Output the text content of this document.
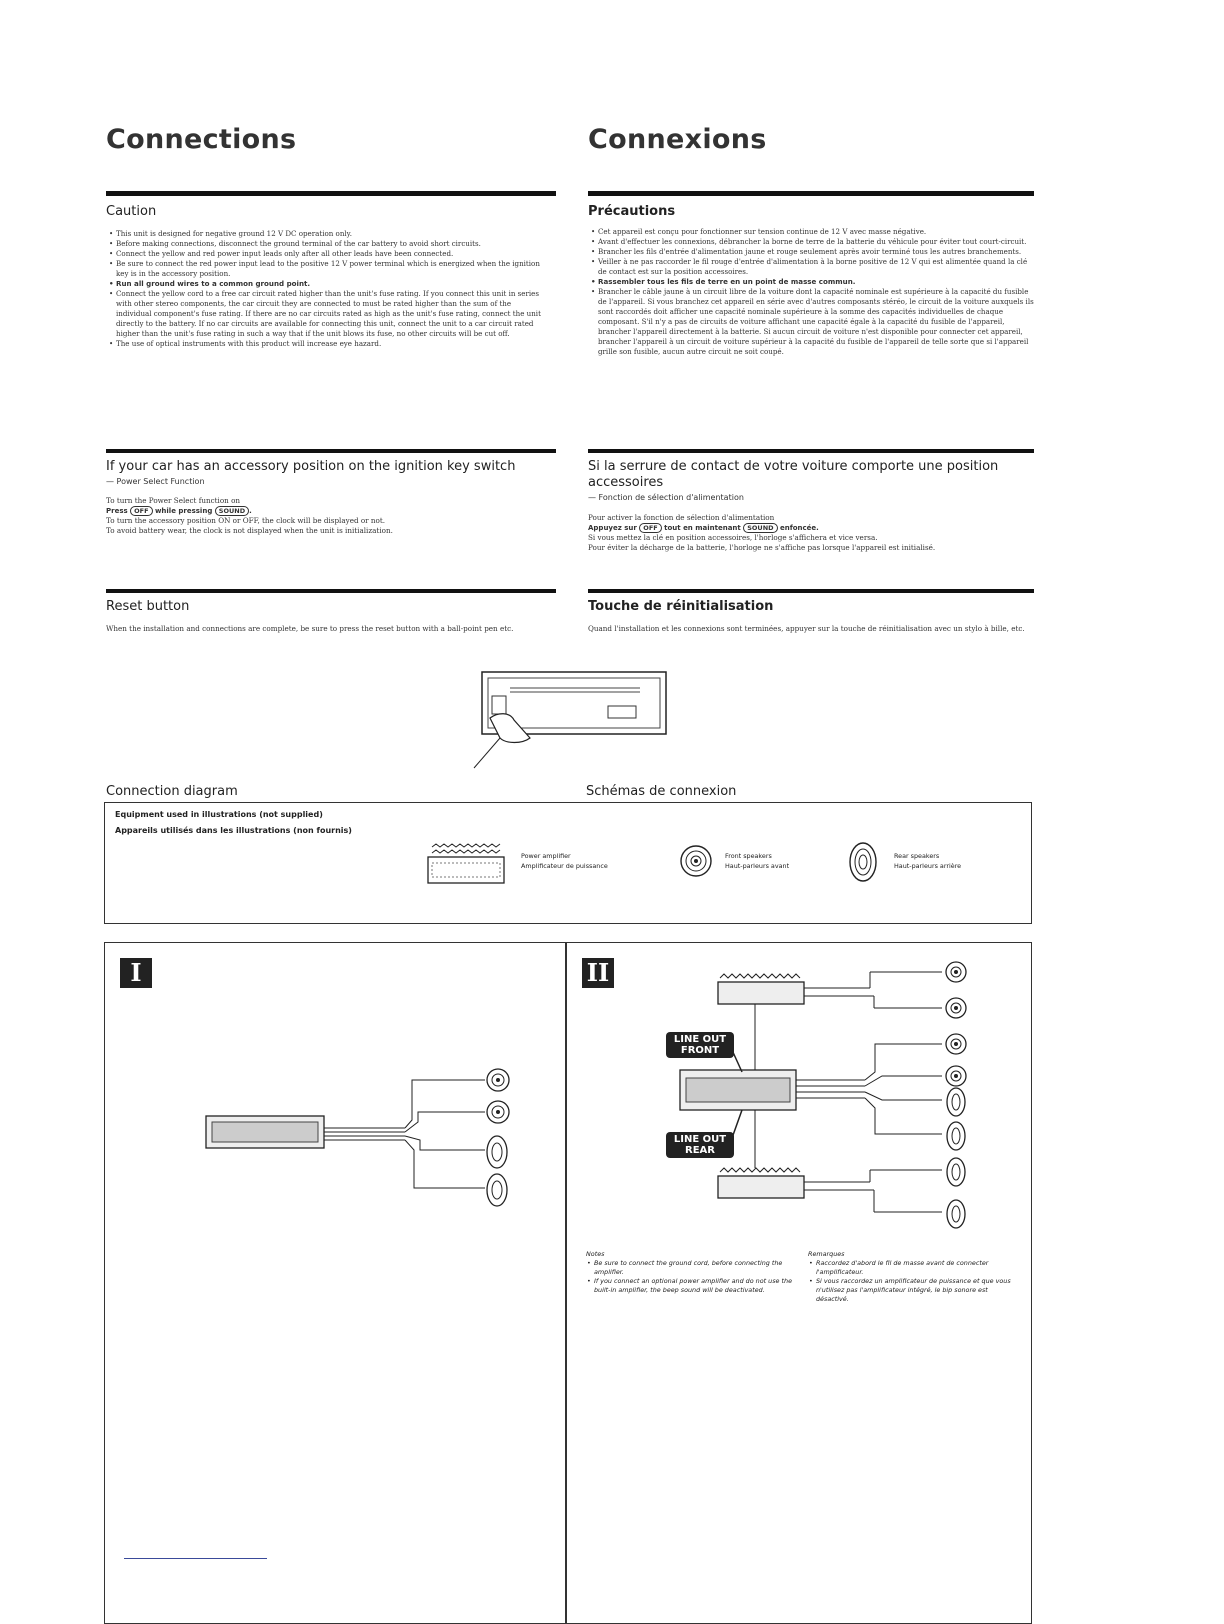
Connections	Connexions
Caution	Précautions
• This unit is designed for negative ground 12 V DC operation only.
• Before making connections, disconnect the ground terminal of the car battery to avoid short circuits.
• Connect the yellow and red power input leads only after all other leads have been connected.
• Be sure to connect the red power input lead to the positive 12 V power terminal which is energized when the ignition key is in the accessory position.
• Run all ground wires to a common ground point.
• Connect the yellow cord to a free car circuit rated higher than the unit's fuse rating. If you connect this unit in series with other stereo components, the car circuit they are connected to must be rated higher than the sum of the individual component's fuse rating. If there are no car circuits rated as high as the unit's fuse rating, connect the unit directly to the battery. If no car circuits are available for connecting this unit, connect the unit to a car circuit rated higher than the unit's fuse rating in such a way that if the unit blows its fuse, no other circuits will be cut off.
• The use of optical instruments with this product will increase eye hazard.
• Cet appareil est conçu pour fonctionner sur tension continue de 12 V avec masse négative.
• Avant d'effectuer les connexions, débrancher la borne de terre de la batterie du véhicule pour éviter tout court-circuit.
• Brancher les fils d'entrée d'alimentation jaune et rouge seulement après avoir terminé tous les autres branchements.
• Veiller à ne pas raccorder le fil rouge d'entrée d'alimentation à la borne positive de 12 V qui est alimentée quand la clé de contact est sur la position accessoires.
• Rassembler tous les fils de terre en un point de masse commun.
• Brancher le câble jaune à un circuit libre de la voiture dont la capacité nominale est supérieure à la capacité du fusible de l'appareil. Si vous branchez cet appareil en série avec d'autres composants stéréo, le circuit de la voiture auxquels ils sont raccordés doit afficher une capacité nominale supérieure à la somme des capacités individuelles de chaque composant. S'il n'y a pas de circuits de voiture affichant une capacité égale à la capacité du fusible de l'appareil, brancher l'appareil directement à la batterie. Si aucun circuit de voiture n'est disponible pour connecter cet appareil, brancher l'appareil à un circuit de voiture supérieur à la capacité du fusible de l'appareil de telle sorte que si l'appareil grille son fusible, aucun autre circuit ne soit coupé.
If your car has an accessory position on the ignition key switch
— Power Select Function

To turn the Power Select function on

Press OFF while pressing SOUND .

To turn the accessory position ON or OFF, the clock will be displayed or not.

To avoid battery wear, the clock is not displayed when the unit is initialization.

Si la serrure de contact de votre voiture comporte une position accessoires
— Fonction de sélection d'alimentation

Pour activer la fonction de sélection d'alimentation

Appuyez sur OFF tout en maintenant SOUND enfoncée.

Si vous mettez la clé en position accessoires, l'horloge s'affichera et vice versa.

Pour éviter la décharge de la batterie, l'horloge ne s'affiche pas lorsque l'appareil est initialisé.

Reset button	Touche de réinitialisation
When the installation and connections are complete, be sure to press the reset button with a ball-point pen etc.	Quand l'installation et les connexions sont terminées, appuyer sur la touche de réinitialisation avec un stylo à bille, etc.
Connection diagram	Schémas de connexion
Equipment used in illustrations (not supplied)
Appareils utilisés dans les illustrations (non fournis)
Power amplifier
Amplificateur de puissance
Front speakers
Haut-parleurs avant
Rear speakers
Haut-parleurs arrière
I	II
LINE OUT
FRONT
LINE OUT
REAR
Notes
• Be sure to connect the ground cord, before connecting the amplifier.
• If you connect an optional power amplifier and do not use the built-in amplifier, the beep sound will be deactivated.
Remarques
• Raccordez d'abord le fil de masse avant de connecter l'amplificateur.
• Si vous raccordez un amplificateur de puissance et que vous n'utilisez pas l'amplificateur intégré, le bip sonore est désactivé.
